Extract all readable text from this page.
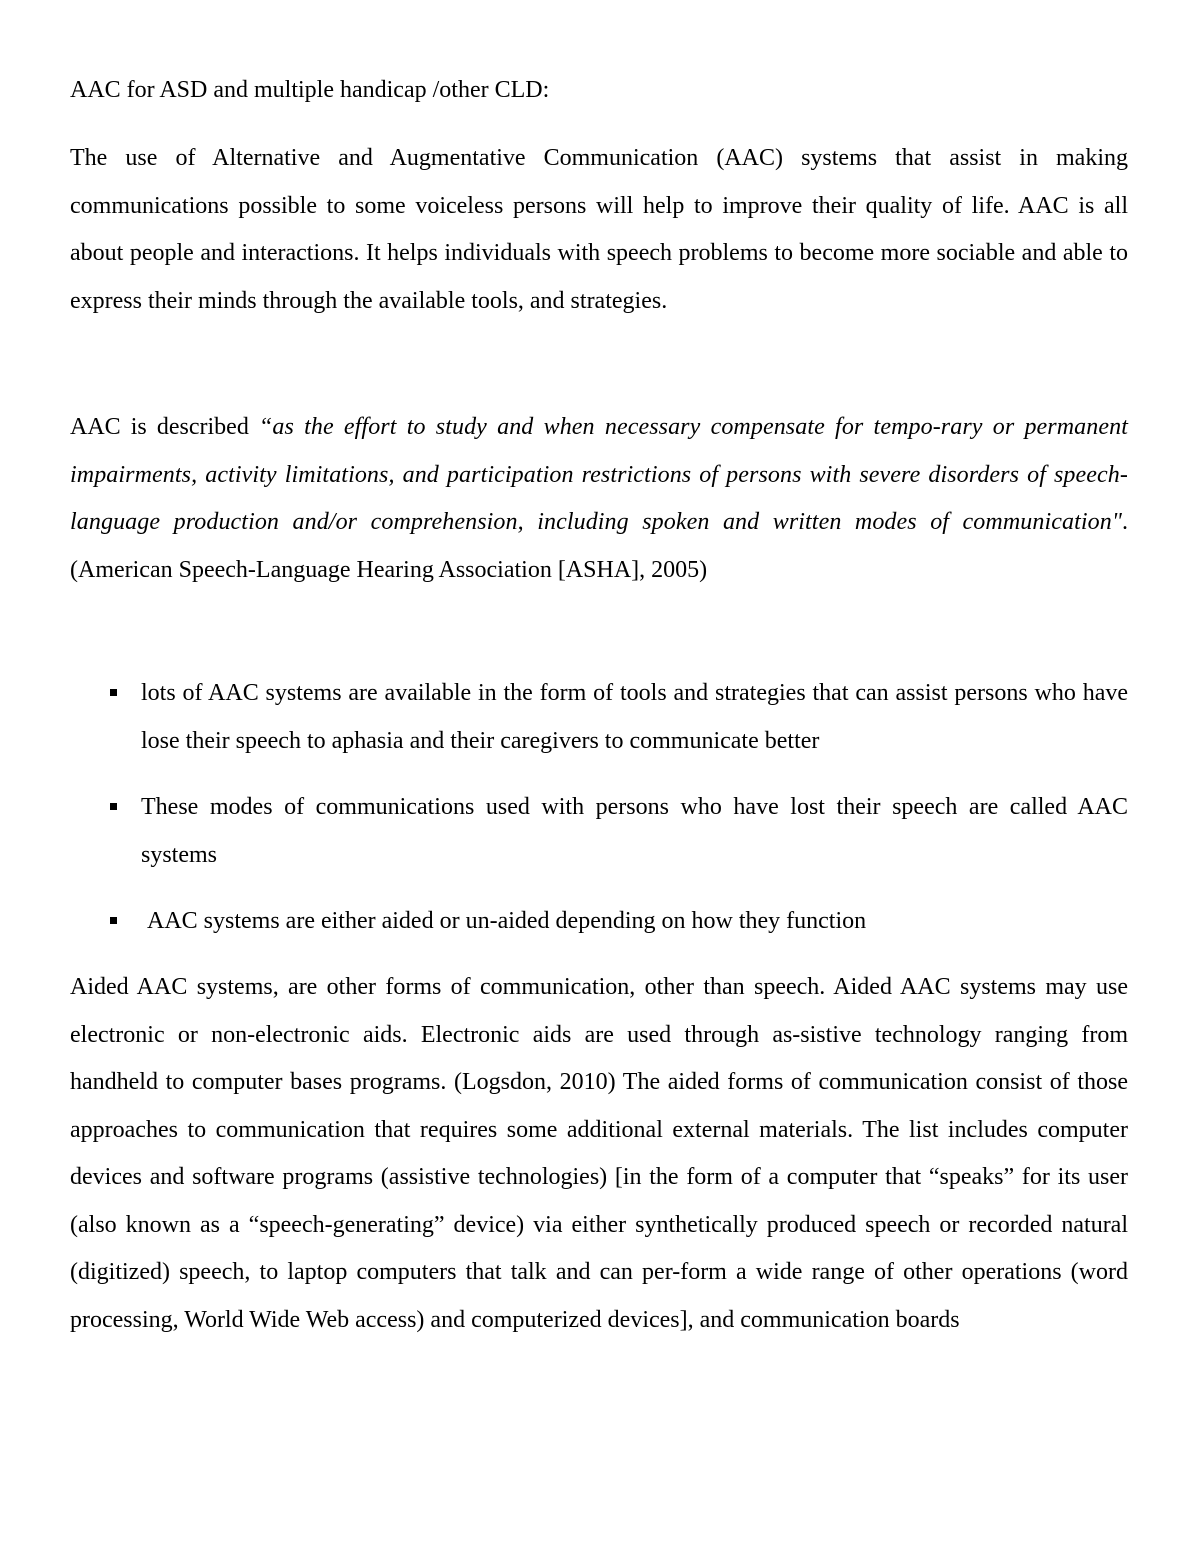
AAC for ASD and multiple handicap /other CLD:

The use of Alternative and Augmentative Communication (AAC) systems that assist in making communications possible to some voiceless persons will help to improve their quality of life. AAC is all about people and interactions. It helps individuals with speech problems to become more sociable and able to express their minds through the available tools, and strategies.

AAC is described “as the effort to study and when necessary compensate for tempo-rary or permanent impairments, activity limitations, and participation restrictions of persons with severe disorders of speech-language production and/or comprehension, including spoken and written modes of communication". (American Speech-Language Hearing Association [ASHA], 2005)

lots of AAC systems are available in the form of tools and strategies that can assist persons who have lose their speech to aphasia and their caregivers to communicate better
These modes of communications used with persons who have lost their speech are called AAC systems
AAC systems are either aided or un-aided depending on how they function

Aided AAC systems, are other forms of communication, other than speech. Aided AAC systems may use electronic or non-electronic aids. Electronic aids are used through as-sistive technology ranging from handheld to computer bases programs. (Logsdon, 2010) The aided forms of communication consist of those approaches to communication that requires some additional external materials. The list includes computer devices and software programs (assistive technologies) [in the form of a computer that “speaks” for its user (also known as a “speech-generating” device) via either synthetically produced speech or recorded natural (digitized) speech, to laptop computers that talk and can per-form a wide range of other operations (word processing, World Wide Web access) and computerized devices], and communication boards
